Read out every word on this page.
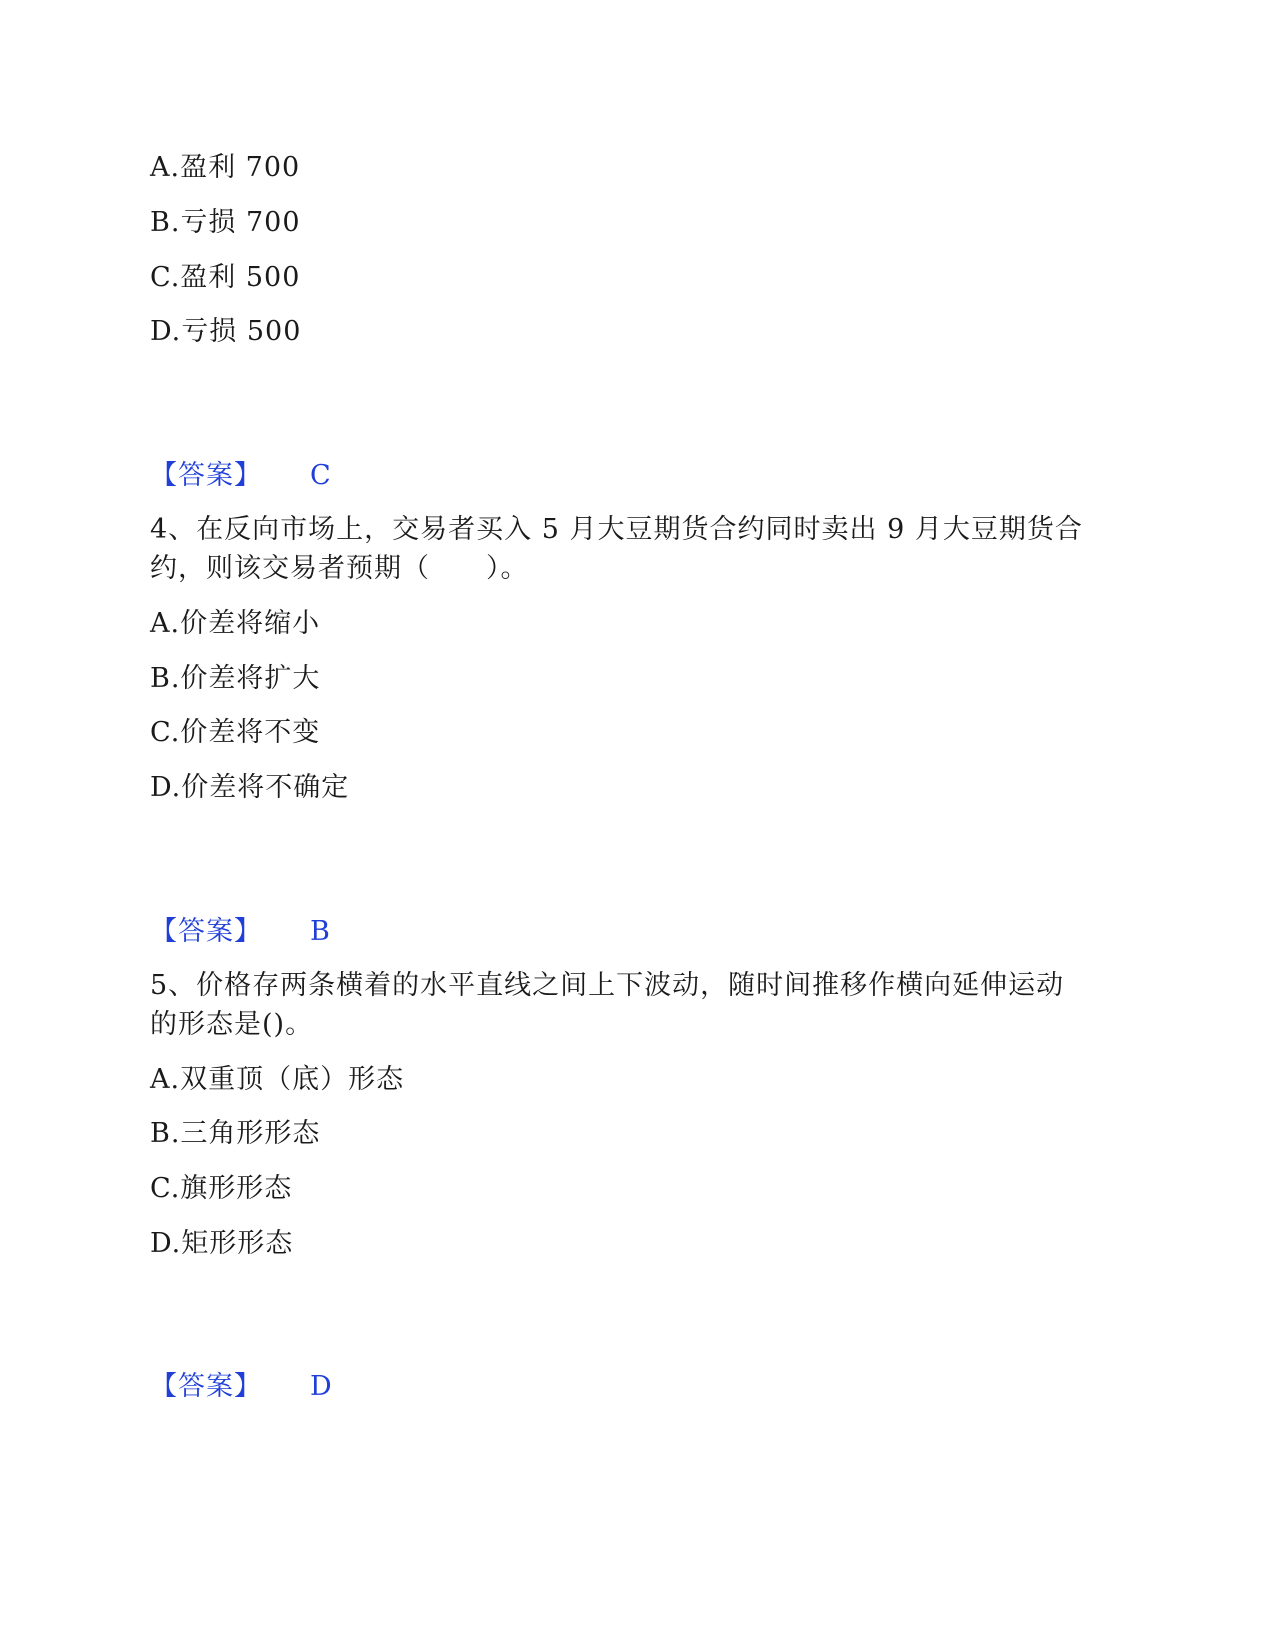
A.盈利 700
B.亏损 700
C.盈利 500
D.亏损 500
【答案】 C
4、在反向市场上，交易者买入 5 月大豆期货合约同时卖出 9 月大豆期货合
约，则该交易者预期（　　）。
A.价差将缩小
B.价差将扩大
C.价差将不变
D.价差将不确定
【答案】 B
5、价格存两条横着的水平直线之间上下波动，随时间推移作横向延伸运动
的形态是()。
A.双重顶（底）形态
B.三角形形态
C.旗形形态
D.矩形形态
【答案】 D
